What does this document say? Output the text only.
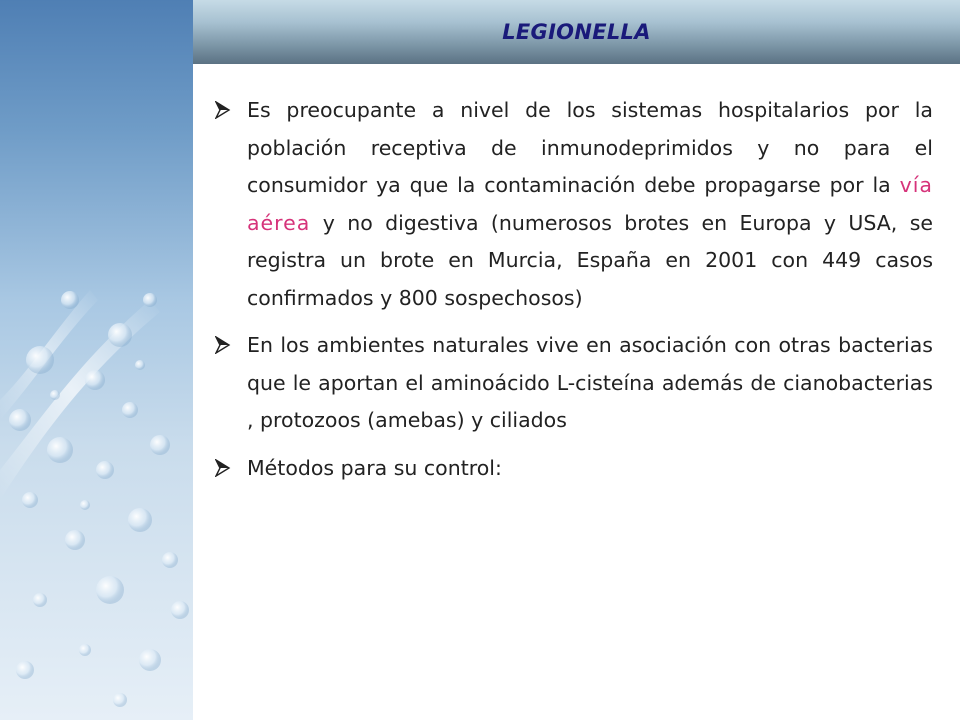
LEGIONELLA
Es preocupante a nivel de los sistemas hospitalarios por la población receptiva de inmunodeprimidos y no para el consumidor ya que la contaminación debe propagarse por la vía aérea y no digestiva (numerosos brotes en Europa y USA, se registra un brote en Murcia, España en 2001 con 449 casos confirmados y 800 sospechosos)
En los ambientes naturales vive en asociación con otras bacterias que le aportan el aminoácido L-cisteína además de cianobacterias , protozoos (amebas) y ciliados
Métodos para su control:
